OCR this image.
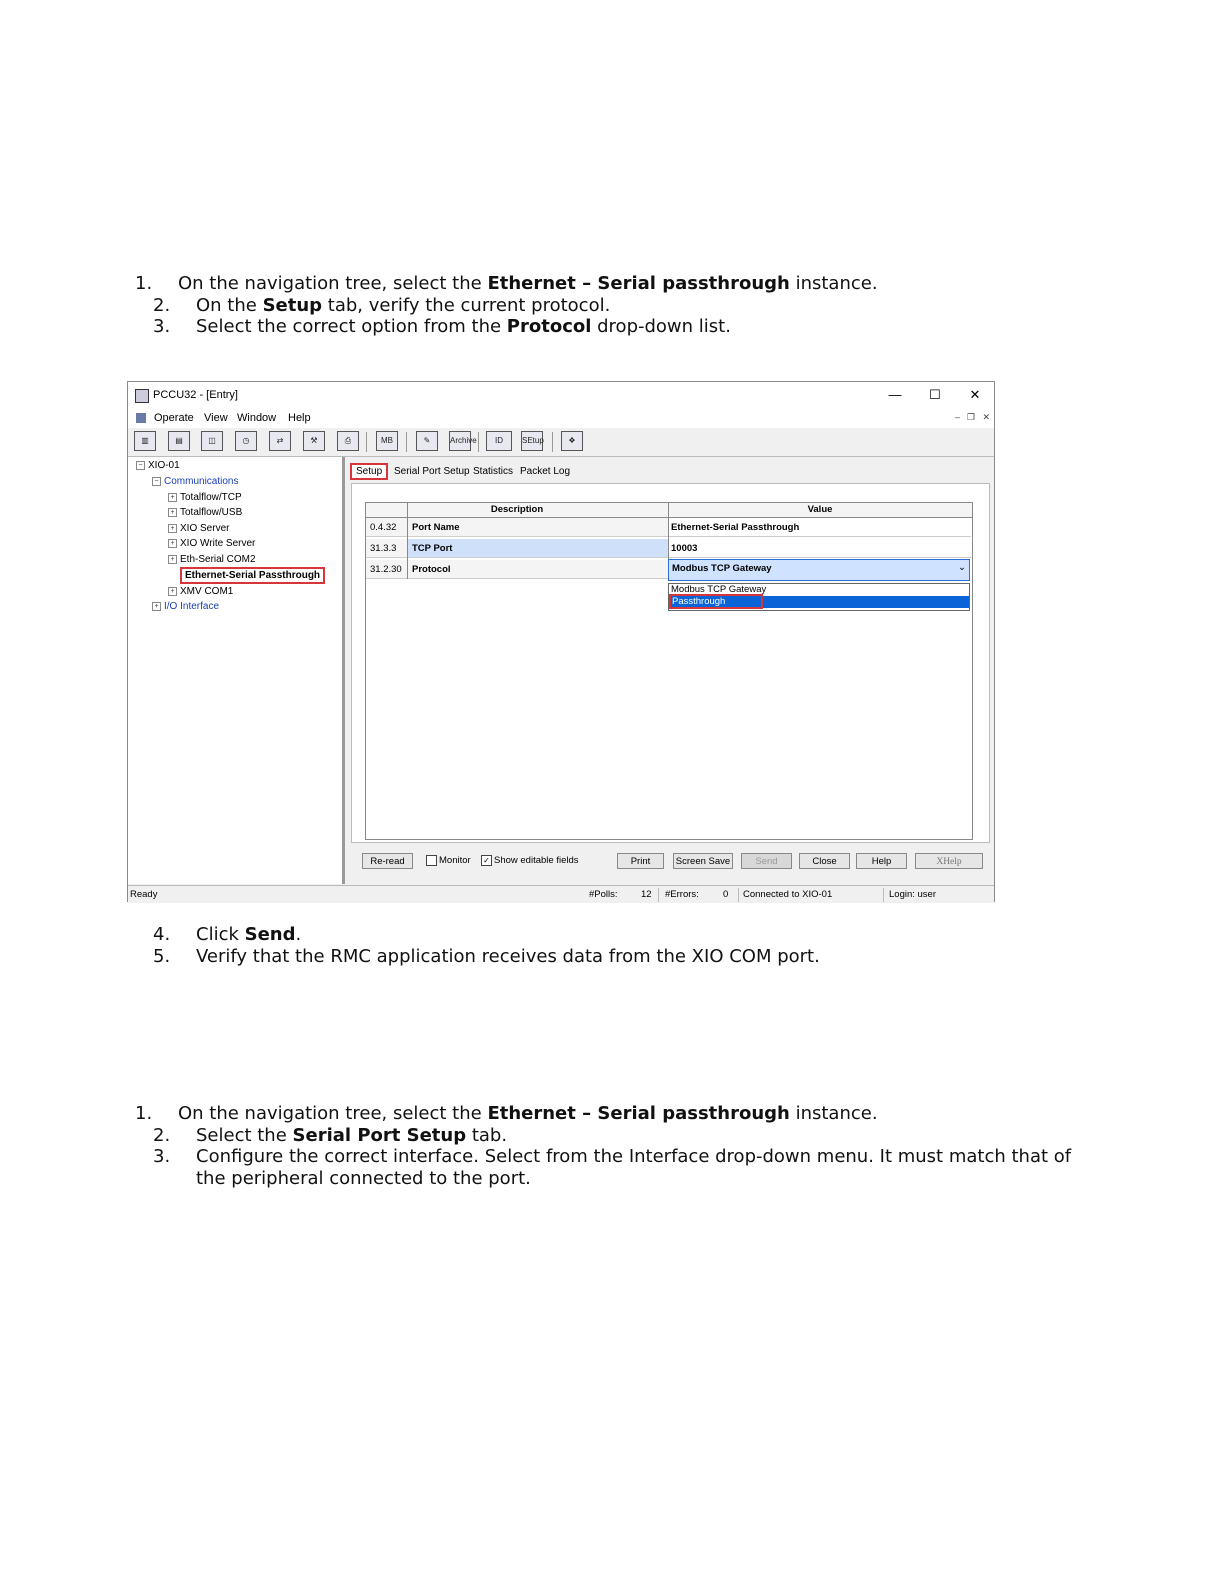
1.	On the navigation tree, select the Ethernet – Serial passthrough instance.
2.	On the Setup tab, verify the current protocol.
3.	Select the correct option from the Protocol drop-down list.
PCCU32 - [Entry]	—	☐	✕
Operate View Window Help	– ❐ ✕
▥	▤	◫	◷	⇄	⚒	⎙	MB	✎	Archive	ID	SEtup	❖
− XIO-01
− Communications
+ Totalflow/TCP
+ Totalflow/USB
+ XIO Server
+ XIO Write Server
+ Eth-Serial COM2
Ethernet-Serial Passthrough
+ XMV COM1
+ I/O Interface
Setup	Serial Port Setup Statistics Packet Log
Description	Value
0.4.32	Port Name	Ethernet-Serial Passthrough
31.3.3	TCP Port	10003
31.2.30	Protocol	Modbus TCP Gateway	⌄
Modbus TCP Gateway
Passthrough
Re-read	Monitor ✓ Show editable fields	Print	Screen Save	Send	Close	Help	XHelp
Ready	#Polls: 12 #Errors:	0 Connected to XIO-01	Login: user
4.	Click Send.
5.	Verify that the RMC application receives data from the XIO COM port.
1.	On the navigation tree, select the Ethernet – Serial passthrough instance.
2.	Select the Serial Port Setup tab.
3.	Configure the correct interface. Select from the Interface drop-down menu. It must match that of the peripheral connected to the port.
